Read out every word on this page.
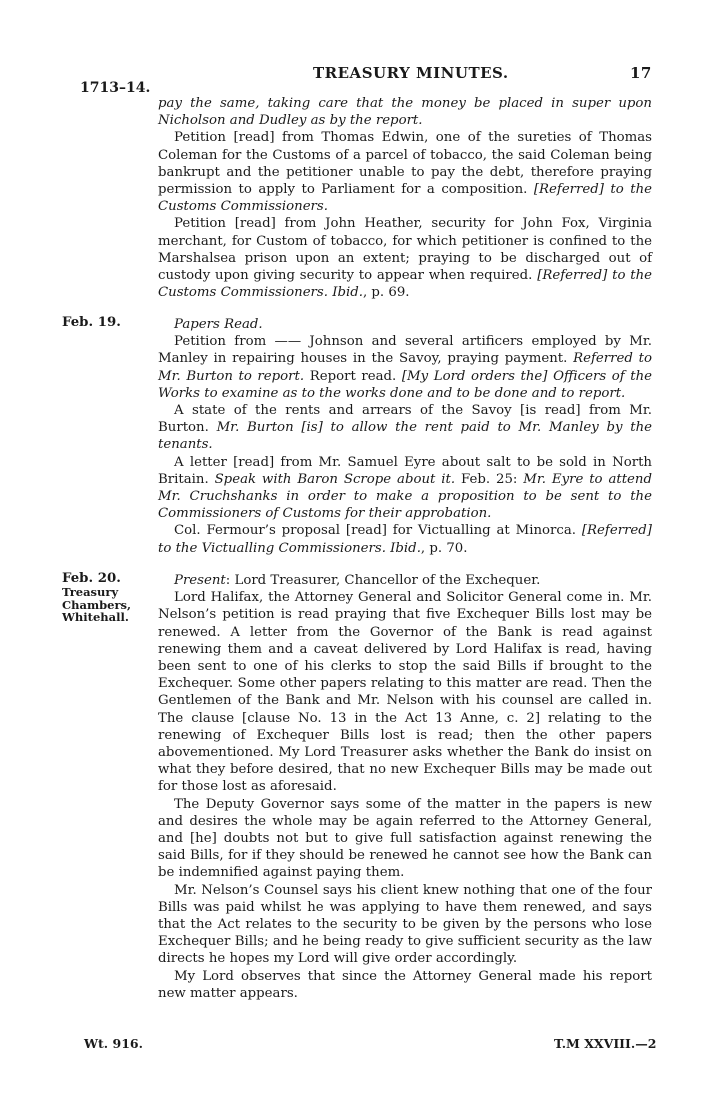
TREASURY MINUTES.	17
1713–14.

pay the same, taking care that the money be placed in super upon Nicholson and Dudley as by the report.

Petition [read] from Thomas Edwin, one of the sureties of Thomas Coleman for the Customs of a parcel of tobacco, the said Coleman being bankrupt and the petitioner unable to pay the debt, therefore praying permission to apply to Parliament for a composition. [Referred] to the Customs Commissioners.

Petition [read] from John Heather, security for John Fox, Virginia merchant, for Custom of tobacco, for which petitioner is confined to the Marshalsea prison upon an extent; praying to be discharged out of custody upon giving security to appear when required. [Referred] to the Customs Commissioners. Ibid., p. 69.

Feb. 19.	Papers Read.

Petition from —— Johnson and several artificers employed by Mr. Manley in repairing houses in the Savoy, praying payment. Referred to Mr. Burton to report. Report read. [My Lord orders the] Officers of the Works to examine as to the works done and to be done and to report.

A state of the rents and arrears of the Savoy [is read] from Mr. Burton. Mr. Burton [is] to allow the rent paid to Mr. Manley by the tenants.

A letter [read] from Mr. Samuel Eyre about salt to be sold in North Britain. Speak with Baron Scrope about it. Feb. 25: Mr. Eyre to attend Mr. Cruchshanks in order to make a proposition to be sent to the Commissioners of Customs for their approbation.

Col. Fermour’s proposal [read] for Victualling at Minorca. [Referred] to the Victualling Commissioners. Ibid., p. 70.

Feb. 20.
Treasury
Chambers,
Whitehall.

Present: Lord Treasurer, Chancellor of the Exchequer.

Lord Halifax, the Attorney General and Solicitor General come in. Mr. Nelson’s petition is read praying that five Exchequer Bills lost may be renewed. A letter from the Governor of the Bank is read against renewing them and a caveat delivered by Lord Halifax is read, having been sent to one of his clerks to stop the said Bills if brought to the Exchequer. Some other papers relating to this matter are read. Then the Gentlemen of the Bank and Mr. Nelson with his counsel are called in. The clause [clause No. 13 in the Act 13 Anne, c. 2] relating to the renewing of Exchequer Bills lost is read; then the other papers abovementioned. My Lord Treasurer asks whether the Bank do insist on what they before desired, that no new Exchequer Bills may be made out for those lost as aforesaid.

The Deputy Governor says some of the matter in the papers is new and desires the whole may be again referred to the Attorney General, and [he] doubts not but to give full satisfaction against renewing the said Bills, for if they should be renewed he cannot see how the Bank can be indemnified against paying them.

Mr. Nelson’s Counsel says his client knew nothing that one of the four Bills was paid whilst he was applying to have them renewed, and says that the Act relates to the security to be given by the persons who lose Exchequer Bills; and he being ready to give sufficient security as the law directs he hopes my Lord will give order accordingly.

My Lord observes that since the Attorney General made his report new matter appears.

Wt. 916.	T.M XXVIII.—2
